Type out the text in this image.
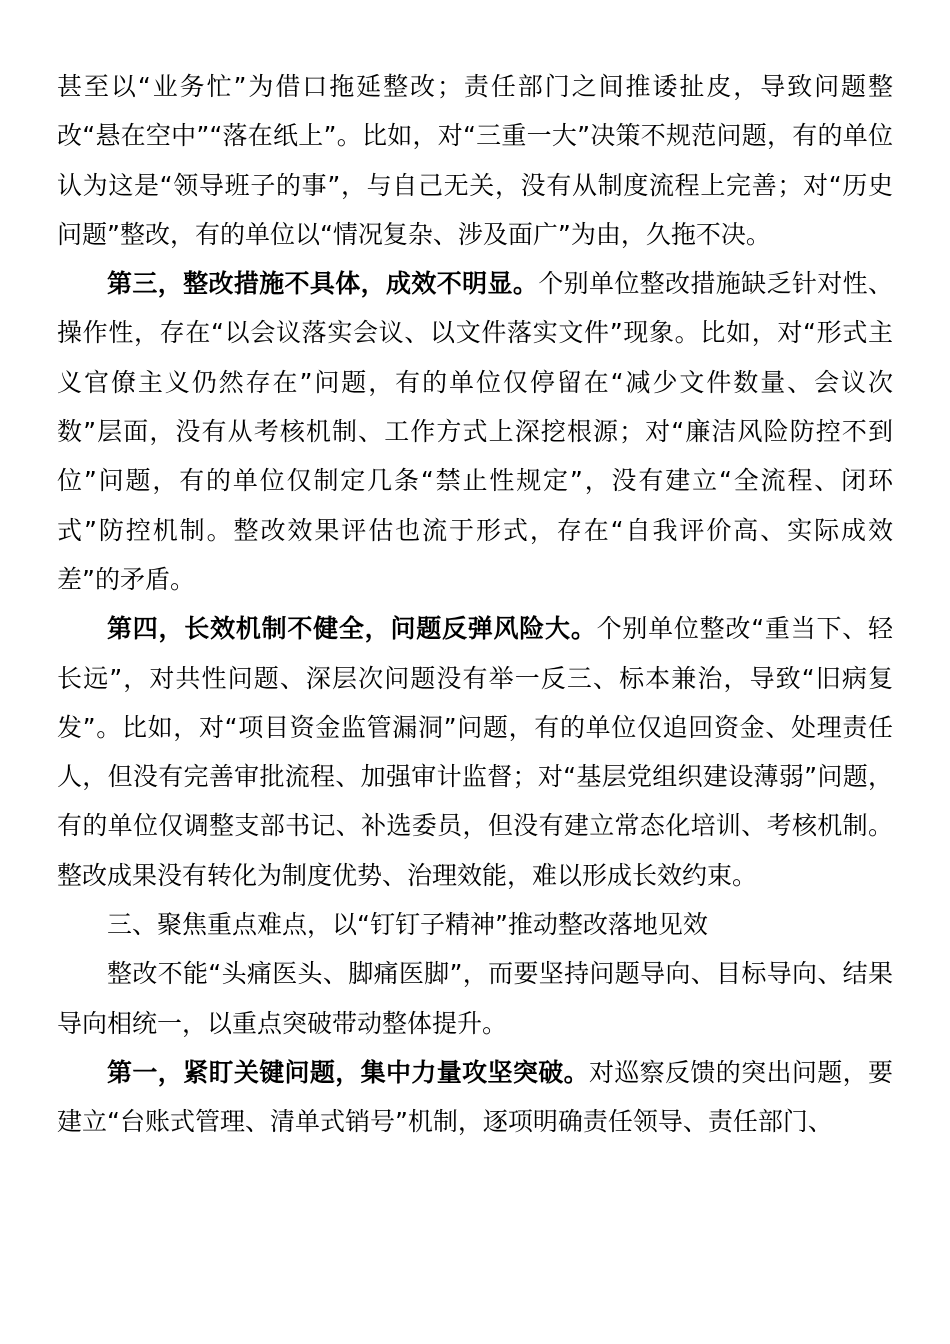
甚至以“业务忙”为借口拖延整改；责任部门之间推诿扯皮，导致问题整改“悬在空中”“落在纸上”。比如，对“三重一大”决策不规范问题，有的单位认为这是“领导班子的事”，与自己无关，没有从制度流程上完善；对“历史问题”整改，有的单位以“情况复杂、涉及面广”为由，久拖不决。

第三，整改措施不具体，成效不明显。个别单位整改措施缺乏针对性、操作性，存在“以会议落实会议、以文件落实文件”现象。比如，对“形式主义官僚主义仍然存在”问题，有的单位仅停留在“减少文件数量、会议次数”层面，没有从考核机制、工作方式上深挖根源；对“廉洁风险防控不到位”问题，有的单位仅制定几条“禁止性规定”，没有建立“全流程、闭环式”防控机制。整改效果评估也流于形式，存在“自我评价高、实际成效差”的矛盾。

第四，长效机制不健全，问题反弹风险大。个别单位整改“重当下、轻长远”，对共性问题、深层次问题没有举一反三、标本兼治，导致“旧病复发”。比如，对“项目资金监管漏洞”问题，有的单位仅追回资金、处理责任人，但没有完善审批流程、加强审计监督；对“基层党组织建设薄弱”问题，有的单位仅调整支部书记、补选委员，但没有建立常态化培训、考核机制。整改成果没有转化为制度优势、治理效能，难以形成长效约束。

三、聚焦重点难点，以“钉钉子精神”推动整改落地见效

整改不能“头痛医头、脚痛医脚”，而要坚持问题导向、目标导向、结果导向相统一，以重点突破带动整体提升。

第一，紧盯关键问题，集中力量攻坚突破。对巡察反馈的突出问题，要建立“台账式管理、清单式销号”机制，逐项明确责任领导、责任部门、
